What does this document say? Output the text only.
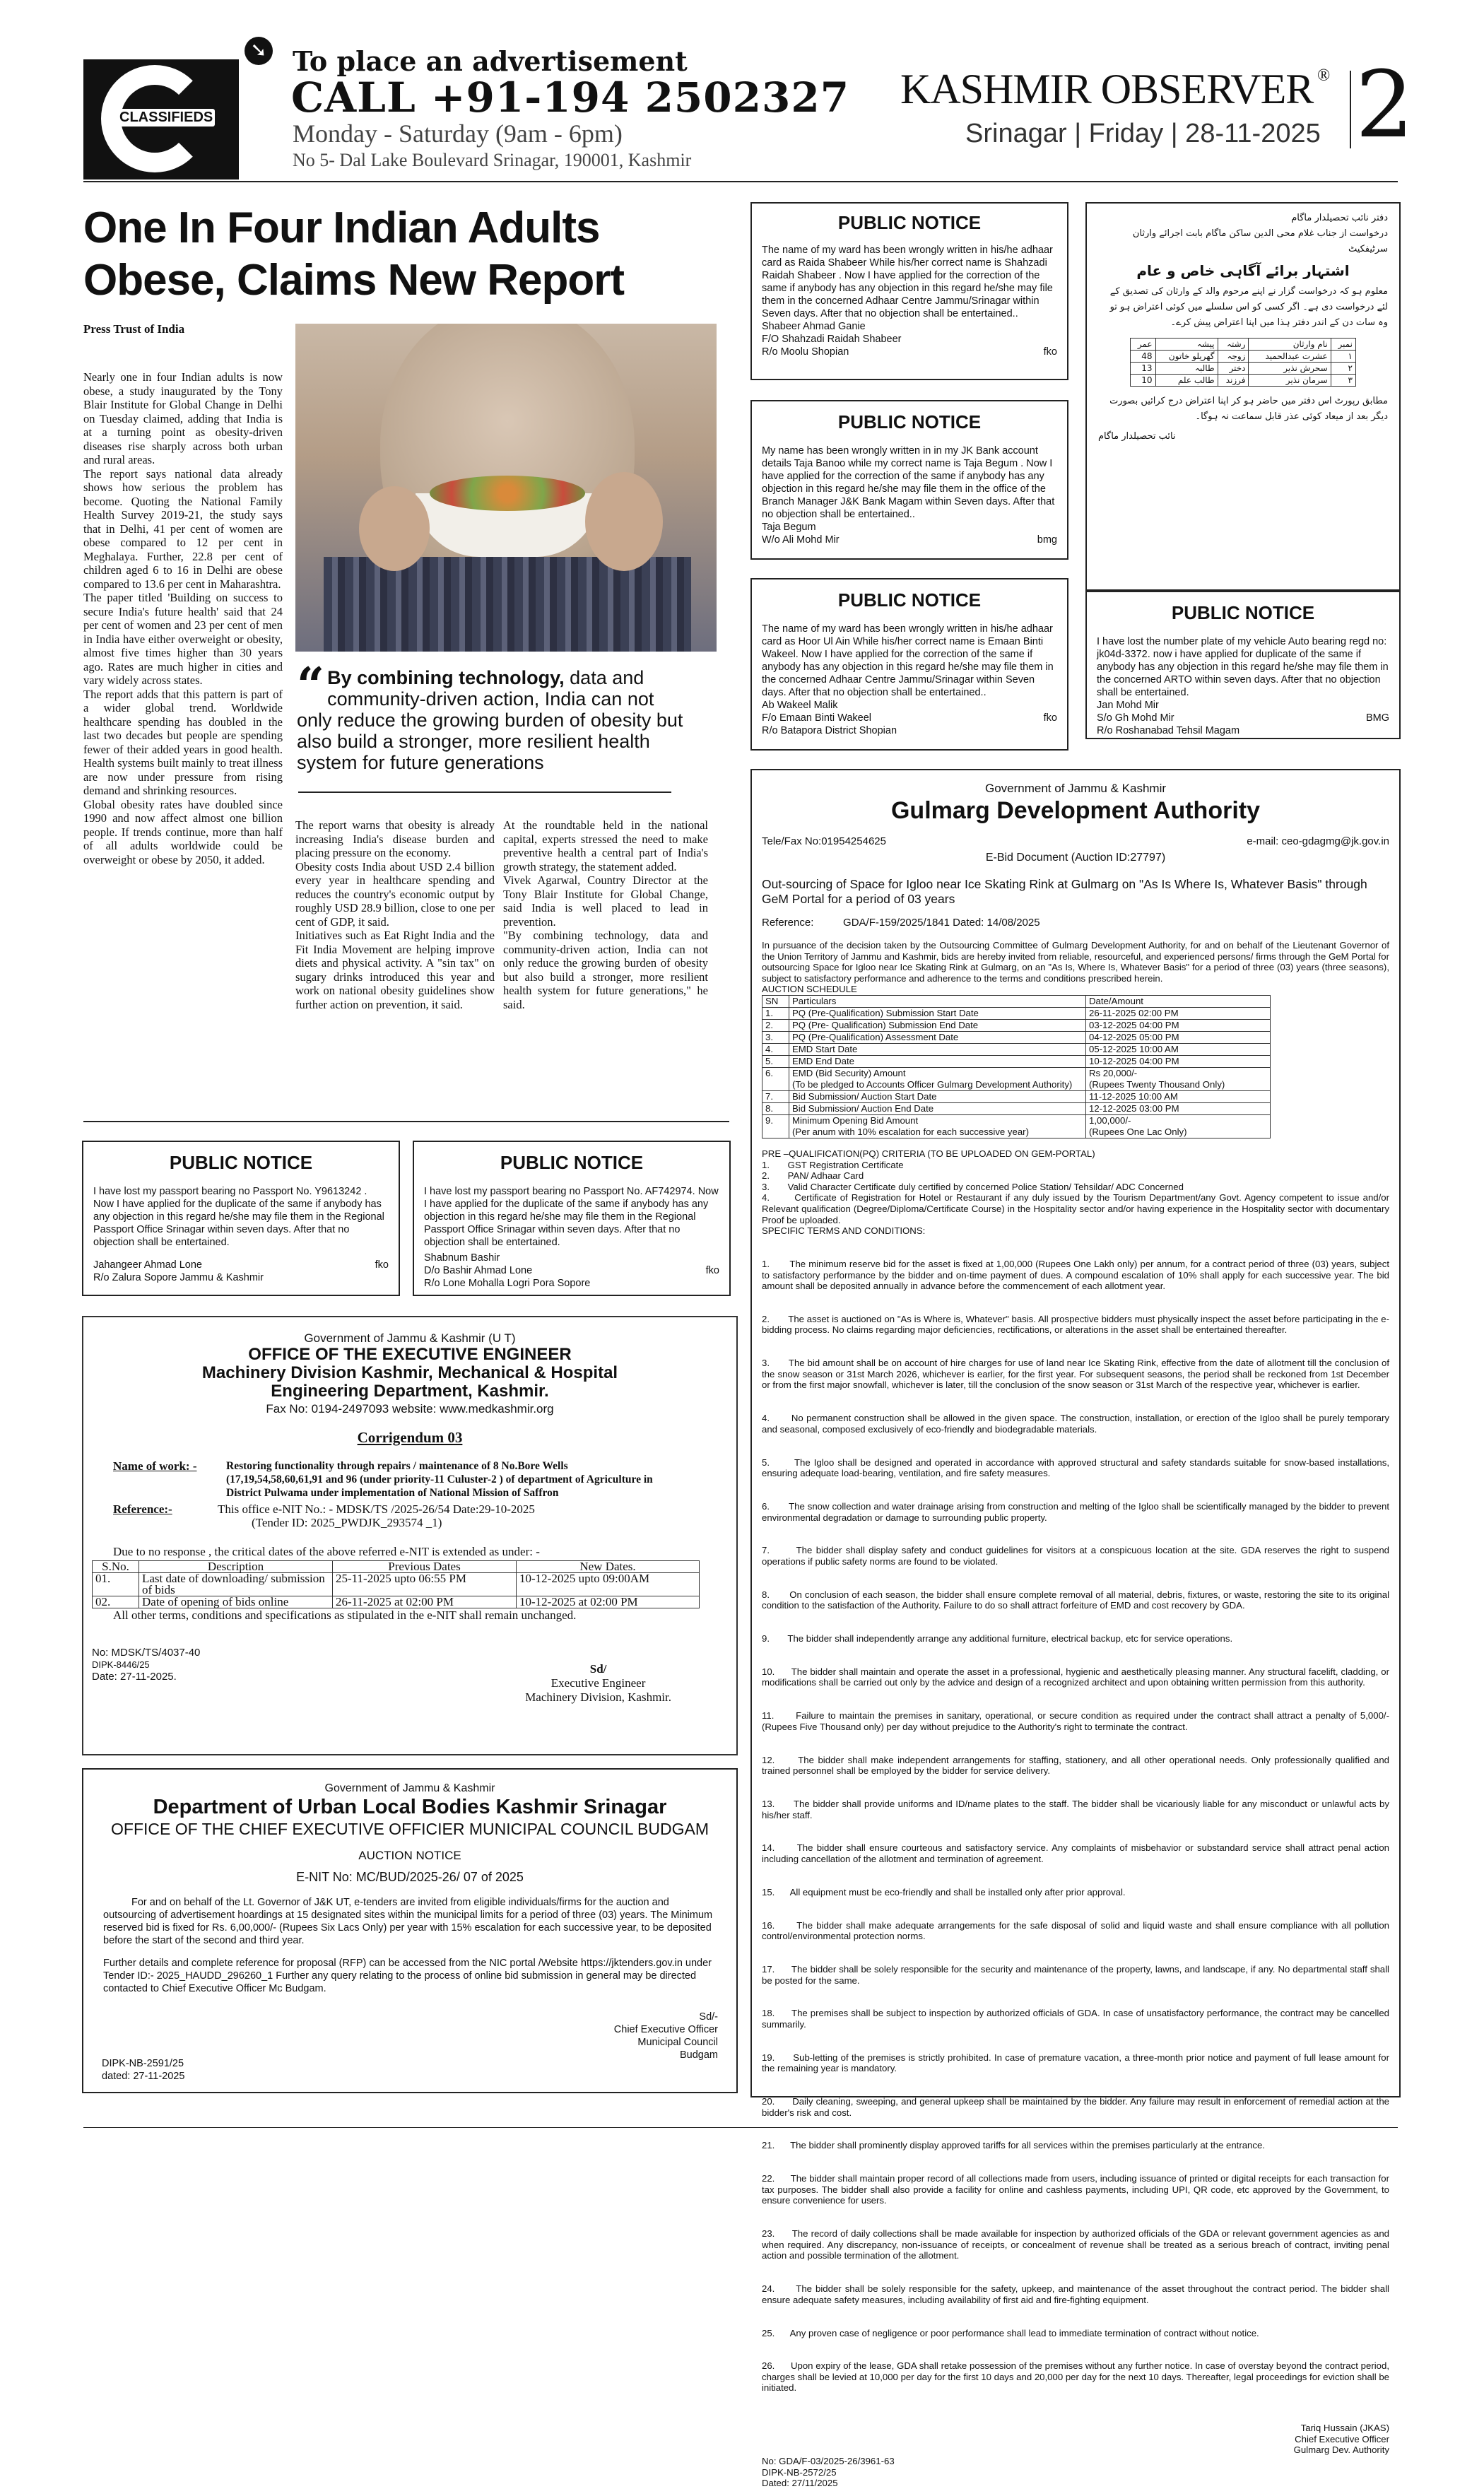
CLASSIFIEDS
➘ To place an advertisement
CALL +91-194 2502327
Monday - Saturday (9am - 6pm)
No 5- Dal Lake Boulevard Srinagar, 190001, Kashmir
KASHMIR OBSERVER ®
Srinagar | Friday | 28-11-2025 2
One In Four Indian Adults
Obese, Claims New Report
Press Trust of India

Nearly one in four Indian adults is now obese, a study inaugurated by the Tony Blair Institute for Global Change in Delhi on Tuesday claimed, adding that India is at a turning point as obesity-driven diseases rise sharply across both urban and rural areas.

The report says national data already shows how serious the problem has become. Quoting the National Family Health Survey 2019-21, the study says that in Delhi, 41 per cent of women are obese compared to 12 per cent in Meghalaya. Further, 22.8 per cent of children aged 6 to 16 in Delhi are obese compared to 13.6 per cent in Maharashtra.

The paper titled 'Building on success to secure India's future health' said that 24 per cent of women and 23 per cent of men in India have either overweight or obesity, almost five times higher than 30 years ago. Rates are much higher in cities and vary widely across states.

The report adds that this pattern is part of a wider global trend. Worldwide healthcare spending has doubled in the last two decades but people are spending fewer of their added years in good health. Health systems built mainly to treat illness are now under pressure from rising demand and shrinking resources.

Global obesity rates have doubled since 1990 and now affect almost one billion people. If trends continue, more than half of all adults worldwide could be overweight or obese by 2050, it added.

“ By combining technology, data and community-driven action, India can not only reduce the growing burden of obesity but also build a stronger, more resilient health system for future generations

The report warns that obesity is already increasing India's disease burden and placing pressure on the economy.

Obesity costs India about USD 2.4 billion every year in healthcare spending and reduces the country's economic output by roughly USD 28.9 billion, close to one per cent of GDP, it said.

Initiatives such as Eat Right India and the Fit India Movement are helping improve diets and physical activity. A "sin tax" on sugary drinks introduced this year and work on national obesity guidelines show further action on prevention, it said.

At the roundtable held in the national capital, experts stressed the need to make preventive health a central part of India's growth strategy, the statement added.

Vivek Agarwal, Country Director at the Tony Blair Institute for Global Change, said India is well placed to lead in prevention.

"By combining technology, data and community-driven action, India can not only reduce the growing burden of obesity but also build a stronger, more resilient health system for future generations," he said.

PUBLIC NOTICE
I have lost my passport bearing no Passport No. Y9613242 . Now I have applied for the duplicate of the same if anybody has any objection in this regard he/she may file them in the Regional Passport Office Srinagar within seven days. After that no objection shall be entertained.
Jahangeer Ahmad Lone	fko
R/o Zalura Sopore Jammu & Kashmir
PUBLIC NOTICE
I have lost my passport bearing no Passport No. AF742974. Now I have applied for the duplicate of the same if anybody has any objection in this regard he/she may file them in the Regional Passport Office Srinagar within seven days. After that no objection shall be entertained.
Shabnum Bashir
D/o Bashir Ahmad Lone	fko
R/o Lone Mohalla Logri Pora Sopore
Government of Jammu & Kashmir (U T)
OFFICE OF THE EXECUTIVE ENGINEER
Machinery Division Kashmir, Mechanical & Hospital
Engineering Department, Kashmir.
Fax No: 0194-2497093 website: www.medkashmir.org
Corrigendum 03
Name of work: -	Restoring functionality through repairs / maintenance of 8 No.Bore Wells (17,19,54,58,60,61,91 and 96 (under priority-11 Culuster-2 ) of department of Agriculture in District Pulwama under implementation of National Mission of Saffron
Reference:-	This office e-NIT No.: - MDSK/TS /2025-26/54 Date:29-10-2025
(Tender ID: 2025_PWDJK_293574 _1)
Due to no response , the critical dates of the above referred e-NIT is extended as under: -
S.No.	Description	Previous Dates	New Dates.
01.	Last date of downloading/ submission of bids	25-11-2025 upto 06:55 PM	10-12-2025 upto 09:00AM
02.	Date of opening of bids online	26-11-2025 at 02:00 PM	10-12-2025 at 02:00 PM
All other terms, conditions and specifications as stipulated in the e-NIT shall remain unchanged.
No: MDSK/TS/4037-40
DIPK-8446/25
Date: 27-11-2025.
Sd/
Executive Engineer
Machinery Division, Kashmir.
Government of Jammu & Kashmir
Department of Urban Local Bodies Kashmir Srinagar
OFFICE OF THE CHIEF EXECUTIVE OFFICIER MUNICIPAL COUNCIL BUDGAM
AUCTION NOTICE
E-NIT No: MC/BUD/2025-26/ 07 of 2025
For and on behalf of the Lt. Governor of J&K UT, e-tenders are invited from eligible individuals/firms for the auction and outsourcing of advertisement hoardings at 15 designated sites within the municipal limits for a period of three (03) years. The Minimum reserved bid is fixed for Rs. 6,00,000/- (Rupees Six Lacs Only) per year with 15% escalation for each successive year, to be deposited before the start of the second and third year.
Further details and complete reference for proposal (RFP) can be accessed from the NIC portal /Website https://jktenders.gov.in under Tender ID:- 2025_HAUDD_296260_1 Further any query relating to the process of online bid submission in general may be directed contacted to Chief Executive Officer Mc Budgam.
DIPK-NB-2591/25
dated: 27-11-2025
Sd/-
Chief Executive Officer
Municipal Council
Budgam
PUBLIC NOTICE
The name of my ward has been wrongly written in his/he adhaar card as Raida Shabeer While his/her correct name is Shahzadi Raidah Shabeer . Now I have applied for the correction of the same if anybody has any objection in this regard he/she may file them in the concerned Adhaar Centre Jammu/Srinagar within Seven days. After that no objection shall be entertained..
Shabeer Ahmad Ganie
F/O Shahzadi Raidah Shabeer
R/o Moolu Shopian	fko
PUBLIC NOTICE
My name has been wrongly written in in my JK Bank account details Taja Banoo while my correct name is Taja Begum . Now I have applied for the correction of the same if anybody has any objection in this regard he/she may file them in the office of the Branch Manager J&K Bank Magam within Seven days. After that no objection shall be entertained..
Taja Begum
W/o Ali Mohd Mir	bmg
PUBLIC NOTICE
The name of my ward has been wrongly written in his/he adhaar card as Hoor Ul Ain While his/her correct name is Emaan Binti Wakeel. Now I have applied for the correction of the same if anybody has any objection in this regard he/she may file them in the concerned Adhaar Centre Jammu/Srinagar within Seven days. After that no objection shall be entertained..
Ab Wakeel Malik
F/o Emaan Binti Wakeel	fko
R/o Batapora District Shopian
دفتر نائب تحصیلدار ماگام
درخواست از جناب غلام محی الدین ساکن ماگام بابت اجرائے وارثان سرٹیفکیٹ
اشتہار برائے آگاہی خاص و عام
معلوم ہو کہ درخواست گزار نے اپنے مرحوم والد کے وارثان کی تصدیق کے لئے درخواست دی ہے۔ اگر کسی کو اس سلسلے میں کوئی اعتراض ہو تو وہ سات دن کے اندر دفتر ہذا میں اپنا اعتراض پیش کرے۔
نمبر	نام وارثان	رشتہ	پیشہ	عمر
۱	عشرت عبدالحمید	زوجہ	گھریلو خاتون	48
۲	سحرش نذیر	دختر	طالبہ	13
۳	سرمان نذیر	فرزند	طالب علم	10
مطابق رپورٹ اس دفتر میں حاضر ہو کر اپنا اعتراض درج کرائیں بصورت دیگر بعد از میعاد کوئی عذر قابل سماعت نہ ہوگا۔
نائب تحصیلدار ماگام
PUBLIC NOTICE
I have lost the number plate of my vehicle Auto bearing regd no: jk04d-3372. now i have applied for duplicate of the same if anybody has any objection in this regard he/she may file them in the concerned ARTO within seven days. After that no objection shall be entertained.
Jan Mohd Mir
S/o Gh Mohd Mir	BMG
R/o Roshanabad Tehsil Magam
Government of Jammu & Kashmir
Gulmarg Development Authority
Tele/Fax No:01954254625	e-mail: ceo-gdagmg@jk.gov.in
E-Bid Document (Auction ID:27797)
Out-sourcing of Space for Igloo near Ice Skating Rink at Gulmarg on "As Is Where Is, Whatever Basis" through GeM Portal for a period of 03 years
Reference:          GDA/F-159/2025/1841 Dated: 14/08/2025
In pursuance of the decision taken by the Outsourcing Committee of Gulmarg Development Authority, for and on behalf of the Lieutenant Governor of the Union Territory of Jammu and Kashmir, bids are hereby invited from reliable, resourceful, and experienced persons/ firms through the GeM Portal for outsourcing Space for Igloo near Ice Skating Rink at Gulmarg, on an "As Is, Where Is, Whatever Basis" for a period of three (03) years (three seasons), subject to satisfactory performance and adherence to the terms and conditions prescribed herein.
AUCTION SCHEDULE
SN	Particulars	Date/Amount
1.	PQ (Pre-Qualification) Submission Start Date	26-11-2025 02:00 PM
2.	PQ (Pre- Qualification) Submission End Date	03-12-2025 04:00 PM
3.	PQ (Pre-Qualification) Assessment Date	04-12-2025 05:00 PM
4.	EMD Start Date	05-12-2025 10:00 AM
5.	EMD End Date	10-12-2025 04:00 PM
6.	EMD (Bid Security) Amount
(To be pledged to Accounts Officer Gulmarg Development Authority)	Rs 20,000/-
(Rupees Twenty Thousand Only)
7.	Bid Submission/ Auction Start Date	11-12-2025 10:00 AM
8.	Bid Submission/ Auction End Date	12-12-2025 03:00 PM
9.	Minimum Opening Bid Amount
(Per anum with 10% escalation for each successive year)	1,00,000/-
(Rupees One Lac Only)
PRE –QUALIFICATION(PQ) CRITERIA (TO BE UPLOADED ON GEM-PORTAL)
1.       GST Registration Certificate
2.       PAN/ Adhaar Card
3.       Valid Character Certificate duly certified by concerned Police Station/ Tehsildar/ ADC Concerned
4.       Certificate of Registration for Hotel or Restaurant if any duly issued by the Tourism Department/any Govt. Agency competent to issue and/or Relevant qualification (Degree/Diploma/Certificate Course) in the Hospitality sector and/or having experience in the Hospitality sector with documentary Proof be uploaded.
SPECIFIC TERMS AND CONDITIONS:

1.       The minimum reserve bid for the asset is fixed at 1,00,000 (Rupees One Lakh only) per annum, for a contract period of three (03) years, subject to satisfactory performance by the bidder and on-time payment of dues. A compound escalation of 10% shall apply for each successive year. The bid amount shall be deposited annually in advance before the commencement of each allotment year.

2.       The asset is auctioned on "As is Where is, Whatever" basis. All prospective bidders must physically inspect the asset before participating in the e-bidding process. No claims regarding major deficiencies, rectifications, or alterations in the asset shall be entertained thereafter.

3.       The bid amount shall be on account of hire charges for use of land near Ice Skating Rink, effective from the date of allotment till the conclusion of the snow season or 31st March 2026, whichever is earlier, for the first year. For subsequent seasons, the period shall be reckoned from 1st December or from the first major snowfall, whichever is later, till the conclusion of the snow season or 31st March of the respective year, whichever is earlier.

4.       No permanent construction shall be allowed in the given space. The construction, installation, or erection of the Igloo shall be purely temporary and seasonal, composed exclusively of eco-friendly and biodegradable materials.

5.       The Igloo shall be designed and operated in accordance with approved structural and safety standards suitable for snow-based installations, ensuring adequate load-bearing, ventilation, and fire safety measures.

6.       The snow collection and water drainage arising from construction and melting of the Igloo shall be scientifically managed by the bidder to prevent environmental degradation or damage to surrounding public property.

7.       The bidder shall display safety and conduct guidelines for visitors at a conspicuous location at the site. GDA reserves the right to suspend operations if public safety norms are found to be violated.

8.       On conclusion of each season, the bidder shall ensure complete removal of all material, debris, fixtures, or waste, restoring the site to its original condition to the satisfaction of the Authority. Failure to do so shall attract forfeiture of EMD and cost recovery by GDA.

9.       The bidder shall independently arrange any additional furniture, electrical backup, etc for service operations.

10.      The bidder shall maintain and operate the asset in a professional, hygienic and aesthetically pleasing manner. Any structural facelift, cladding, or modifications shall be carried out only by the advice and design of a recognized architect and upon obtaining written permission from this authority.

11.      Failure to maintain the premises in sanitary, operational, or secure condition as required under the contract shall attract a penalty of 5,000/- (Rupees Five Thousand only) per day without prejudice to the Authority's right to terminate the contract.

12.      The bidder shall make independent arrangements for staffing, stationery, and all other operational needs. Only professionally qualified and trained personnel shall be employed by the bidder for service delivery.

13.      The bidder shall provide uniforms and ID/name plates to the staff. The bidder shall be vicariously liable for any misconduct or unlawful acts by his/her staff.

14.      The bidder shall ensure courteous and satisfactory service. Any complaints of misbehavior or substandard service shall attract penal action including cancellation of the allotment and termination of agreement.

15.      All equipment must be eco-friendly and shall be installed only after prior approval.

16.      The bidder shall make adequate arrangements for the safe disposal of solid and liquid waste and shall ensure compliance with all pollution control/environmental protection norms.

17.      The bidder shall be solely responsible for the security and maintenance of the property, lawns, and landscape, if any. No departmental staff shall be posted for the same.

18.      The premises shall be subject to inspection by authorized officials of GDA. In case of unsatisfactory performance, the contract may be cancelled summarily.

19.      Sub-letting of the premises is strictly prohibited. In case of premature vacation, a three-month prior notice and payment of full lease amount for the remaining year is mandatory.

20.      Daily cleaning, sweeping, and general upkeep shall be maintained by the bidder. Any failure may result in enforcement of remedial action at the bidder's risk and cost.

21.      The bidder shall prominently display approved tariffs for all services within the premises particularly at the entrance.

22.      The bidder shall maintain proper record of all collections made from users, including issuance of printed or digital receipts for each transaction for tax purposes. The bidder shall also provide a facility for online and cashless payments, including UPI, QR code, etc approved by the Government, to ensure convenience for users.

23.      The record of daily collections shall be made available for inspection by authorized officials of the GDA or relevant government agencies as and when required. Any discrepancy, non-issuance of receipts, or concealment of revenue shall be treated as a serious breach of contract, inviting penal action and possible termination of the allotment.

24.      The bidder shall be solely responsible for the safety, upkeep, and maintenance of the asset throughout the contract period. The bidder shall ensure adequate safety measures, including availability of first aid and fire-fighting equipment.

25.      Any proven case of negligence or poor performance shall lead to immediate termination of contract without notice.

26.      Upon expiry of the lease, GDA shall retake possession of the premises without any further notice. In case of overstay beyond the contract period, charges shall be levied at 10,000 per day for the first 10 days and 20,000 per day for the next 10 days. Thereafter, legal proceedings for eviction shall be initiated.

Tariq Hussain (JKAS)
Chief Executive Officer
Gulmarg Dev. Authority
No: GDA/F-03/2025-26/3961-63
DIPK-NB-2572/25
Dated: 27/11/2025
